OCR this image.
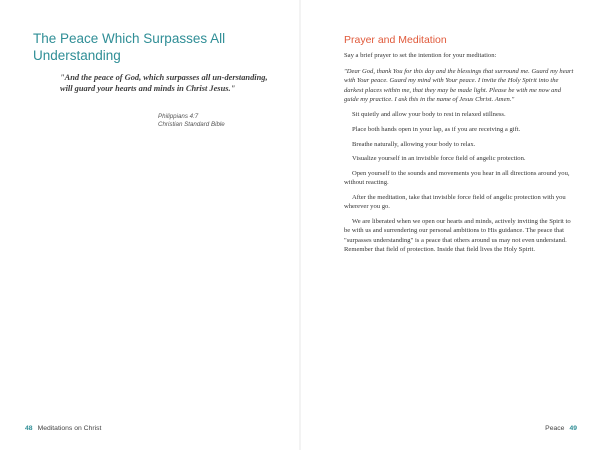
The Peace Which Surpasses All Understanding

"And the peace of God, which surpasses all un-derstanding, will guard your hearts and minds in Christ Jesus."

Philippians 4:7
Christian Standard Bible
48 Meditations on Christ
Prayer and Meditation

Say a brief prayer to set the intention for your meditation:

"Dear God, thank You for this day and the blessings that surround me. Guard my heart with Your peace. Guard my mind with Your peace. I invite the Holy Spirit into the darkest places within me, that they may be made light. Please be with me now and guide my practice. I ask this in the name of Jesus Christ. Amen."

Sit quietly and allow your body to rest in relaxed stillness.

Place both hands open in your lap, as if you are receiving a gift.

Breathe naturally, allowing your body to relax.

Visualize yourself in an invisible force field of angelic protection.

Open yourself to the sounds and movements you hear in all directions around you, without reacting.

After the meditation, take that invisible force field of angelic protection with you wherever you go.

We are liberated when we open our hearts and minds, actively inviting the Spirit to be with us and surrendering our personal ambitions to His guidance. The peace that "surpasses understanding" is a peace that others around us may not even understand. Remember that field of protection. Inside that field lives the Holy Spirit.

Peace 49
